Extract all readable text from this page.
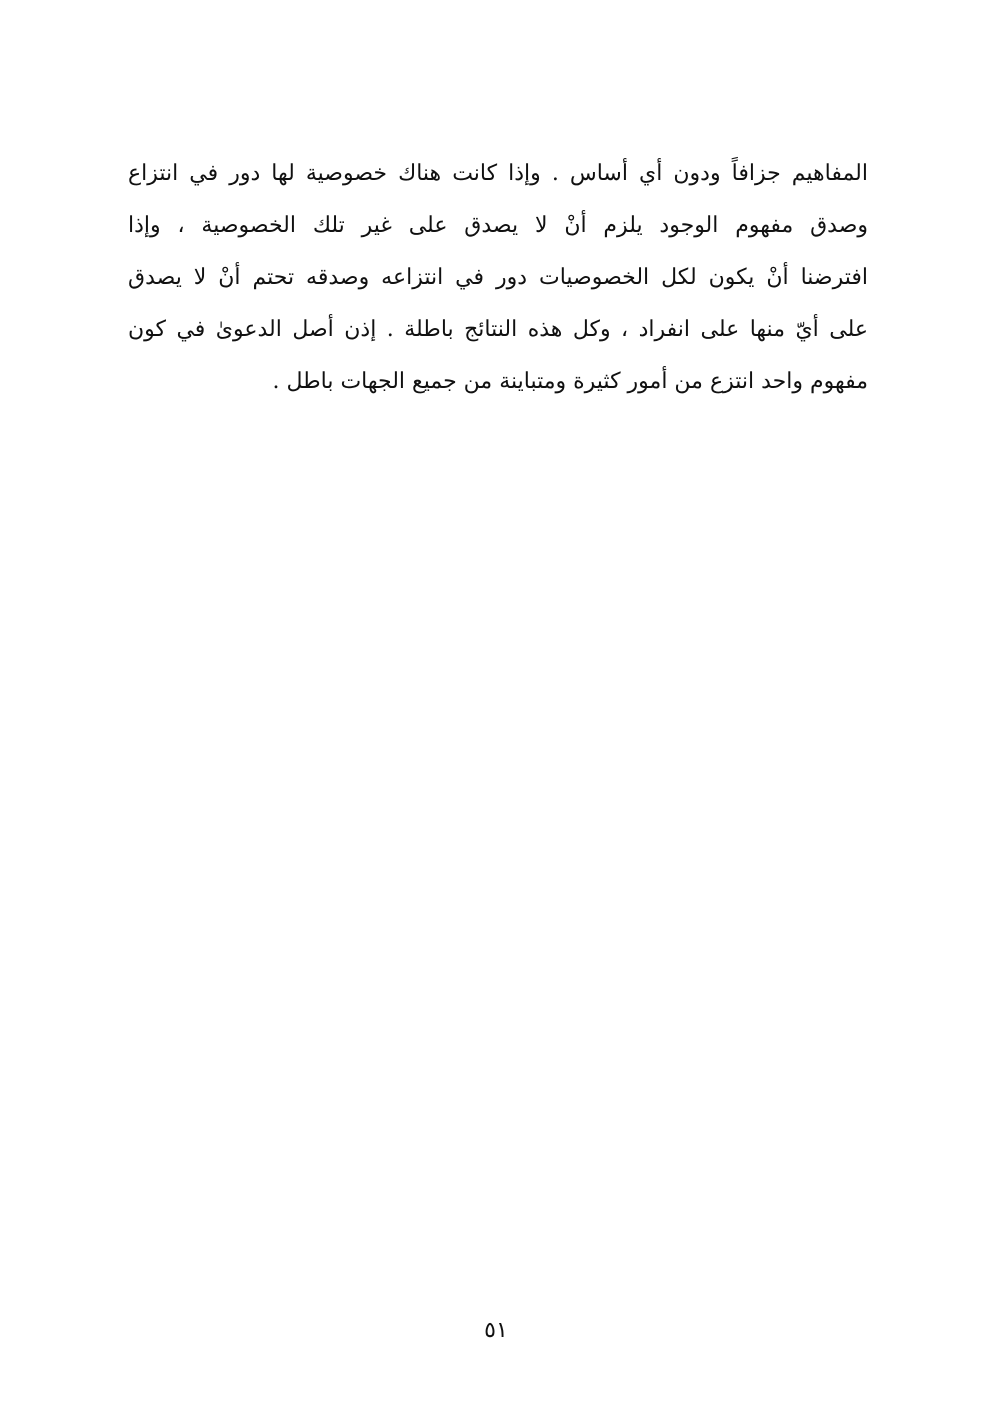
المفاهيم جزافاً ودون أي أساس . وإذا كانت هناك خصوصية لها دور في انتزاع
وصدق مفهوم الوجود يلزم أنْ لا يصدق على غير تلك الخصوصية ، وإذا
افترضنا أنْ يكون لكل الخصوصيات دور في انتزاعه وصدقه تحتم أنْ لا يصدق
على أيّ منها على انفراد ، وكل هذه النتائج باطلة . إذن أصل الدعوىٰ في كون
مفهوم واحد انتزع من أمور كثيرة ومتباينة من جميع الجهات باطل .
٥١
